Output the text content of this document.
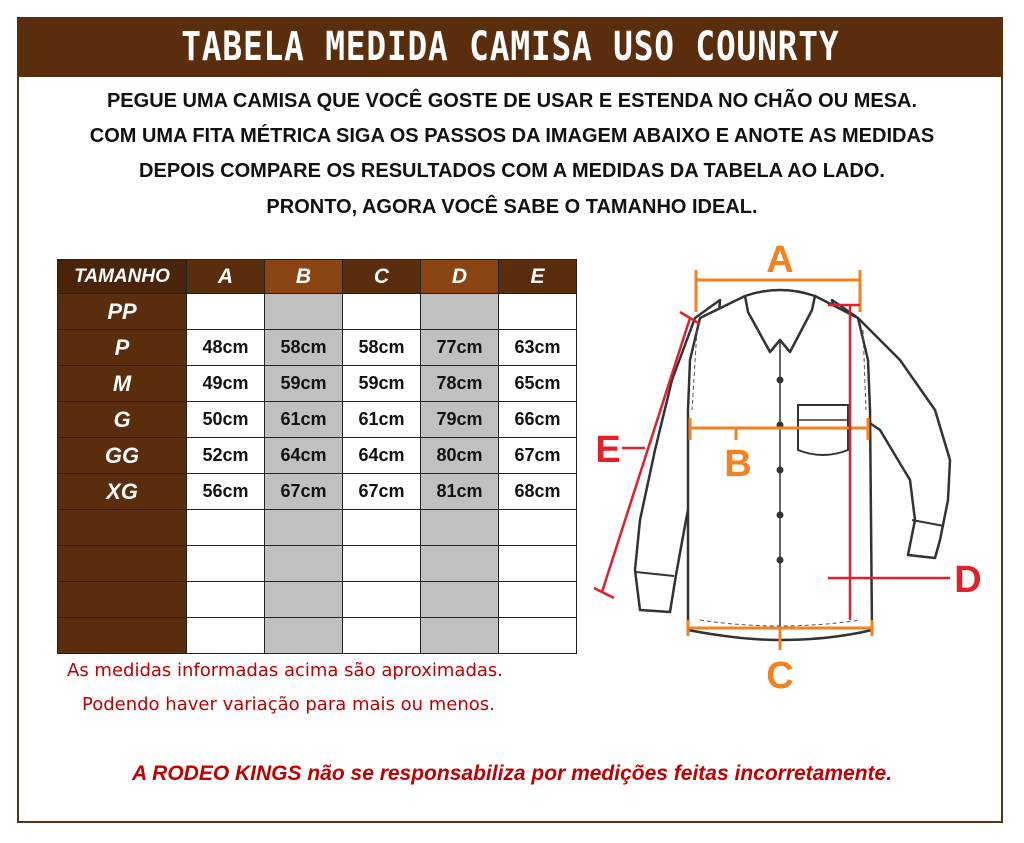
TABELA MEDIDA CAMISA USO COUNRTY
PEGUE UMA CAMISA QUE VOCÊ GOSTE DE USAR E ESTENDA NO CHÃO OU MESA.
COM UMA FITA MÉTRICA SIGA OS PASSOS DA IMAGEM ABAIXO E ANOTE AS MEDIDAS
DEPOIS COMPARE OS RESULTADOS COM A MEDIDAS DA TABELA AO LADO.
PRONTO, AGORA VOCÊ SABE O TAMANHO IDEAL.
TAMANHO	A	B	C	D	E
PP					
P	48cm	58cm	58cm	77cm	63cm
M	49cm	59cm	59cm	78cm	65cm
G	50cm	61cm	61cm	79cm	66cm
GG	52cm	64cm	64cm	80cm	67cm
XG	56cm	67cm	67cm	81cm	68cm

As medidas informadas acima são aproximadas.
Podendo haver variação para mais ou menos.
A RODEO KINGS não se responsabiliza por medições feitas incorretamente.
A
B
C
D
E
